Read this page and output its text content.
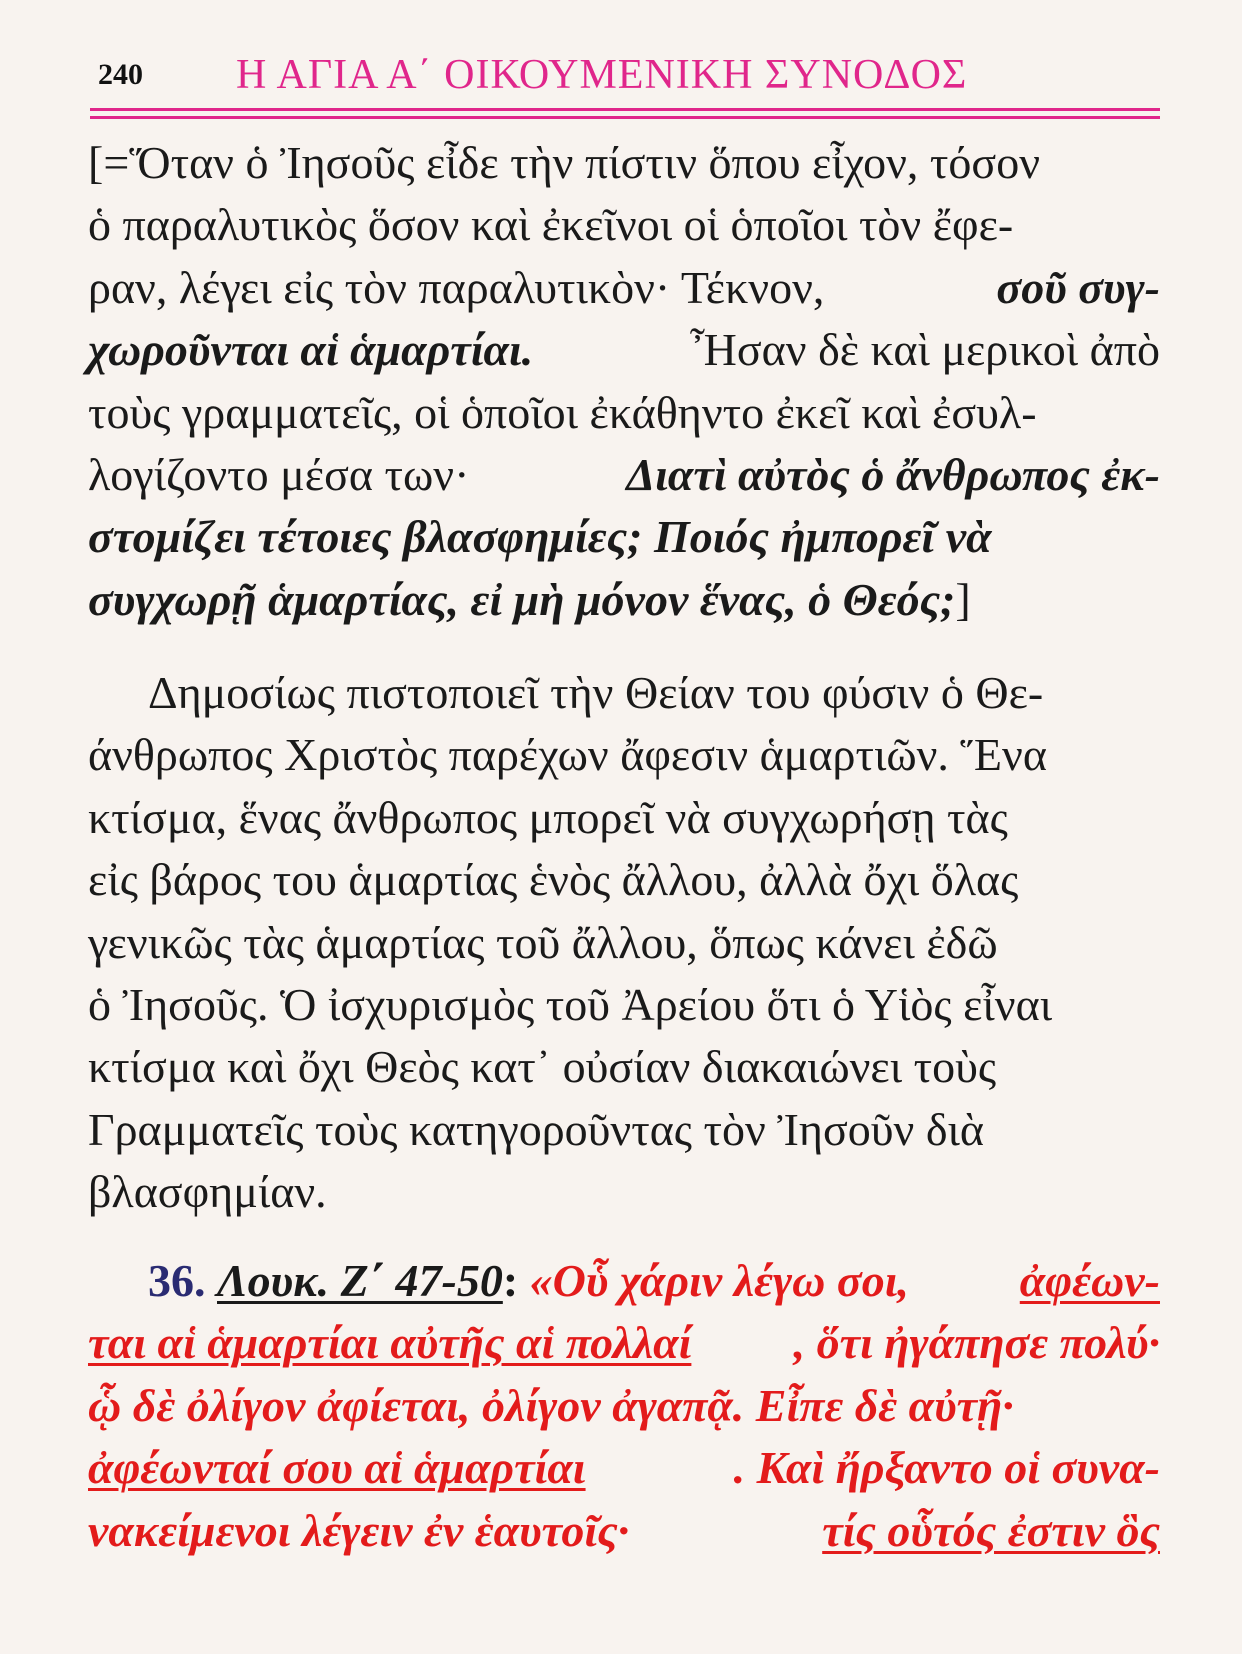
240 Η ΑΓΙΑ Α΄ ΟΙΚΟΥΜΕΝΙΚΗ ΣΥΝΟΔΟΣ
[=Ὅταν ὁ Ἰησοῦς εἶδε τὴν πίστιν ὅπου εἶχον, τόσον
ὁ παραλυτικὸς ὅσον καὶ ἐκεῖνοι οἱ ὁποῖοι τὸν ἔφε-
ραν, λέγει εἰς τὸν παραλυτικὸν· Τέκνον,	σοῦ συγ-
χωροῦνται αἱ ἁμαρτίαι.	Ἦσαν δὲ καὶ μερικοὶ ἀπὸ
τοὺς γραμματεῖς, οἱ ὁποῖοι ἐκάθηντο ἐκεῖ καὶ ἐσυλ-
λογίζοντο μέσα των·	Διατὶ αὐτὸς ὁ ἄνθρωπος ἐκ-
στομίζει τέτοιες βλασφημίες; Ποιός ἠμπορεῖ νὰ
συγχωρῇ ἁμαρτίας, εἰ μὴ μόνον ἕνας, ὁ Θεός; ]
Δημοσίως πιστοποιεῖ τὴν Θείαν του φύσιν ὁ Θε-
άνθρωπος Χριστὸς παρέχων ἄφεσιν ἁμαρτιῶν. Ἕνα
κτίσμα, ἕνας ἄνθρωπος μπορεῖ νὰ συγχωρήσῃ τὰς
εἰς βάρος του ἁμαρτίας ἑνὸς ἄλλου, ἀλλὰ ὄχι ὅλας
γενικῶς τὰς ἁμαρτίας τοῦ ἄλλου, ὅπως κάνει ἐδῶ
ὁ Ἰησοῦς. Ὁ ἰσχυρισμὸς τοῦ Ἀρείου ὅτι ὁ Υἱὸς εἶναι
κτίσμα καὶ ὄχι Θεὸς κατ᾽ οὐσίαν διακαιώνει τοὺς
Γραμματεῖς τοὺς κατηγοροῦντας τὸν Ἰησοῦν διὰ
βλασφημίαν.
36.
Λουκ. Ζ΄ 47-50 :
«Οὗ χάριν λέγω σοι, ἀφέων-
ται αἱ ἁμαρτίαι αὐτῆς αἱ πολλαί , ὅτι ἠγάπησε πολύ·
ᾧ δὲ ὀλίγον ἀφίεται, ὀλίγον ἀγαπᾷ. Εἶπε δὲ αὐτῇ·
ἀφέωνταί σου αἱ ἁμαρτίαι	. Καὶ ἤρξαντο οἱ συνα-
νακείμενοι λέγειν ἐν ἑαυτοῖς·	τίς οὗτός ἐστιν ὃς
